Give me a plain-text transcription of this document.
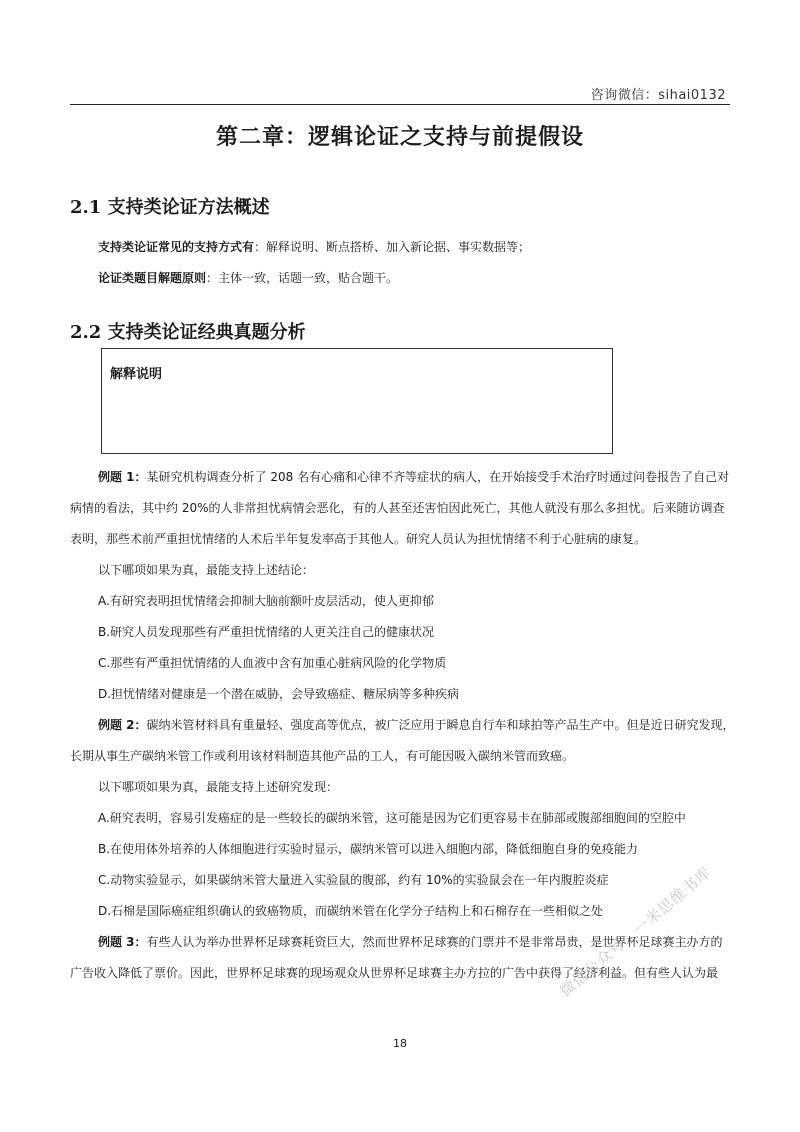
咨询微信：sihai0132
第二章：逻辑论证之支持与前提假设
2.1 支持类论证方法概述
支持类论证常见的支持方式有：解释说明、断点搭桥、加入新论据、事实数据等；
论证类题目解题原则：主体一致，话题一致，贴合题干。
2.2 支持类论证经典真题分析
解释说明
例题 1：某研究机构调查分析了 208 名有心痛和心律不齐等症状的病人，在开始接受手术治疗时通过问卷报告了自己对
病情的看法，其中约 20%的人非常担忧病情会恶化，有的人甚至还害怕因此死亡，其他人就没有那么多担忧。后来随访调查
表明，那些术前严重担忧情绪的人术后半年复发率高于其他人。研究人员认为担忧情绪不利于心脏病的康复。
以下哪项如果为真，最能支持上述结论：
A.有研究表明担忧情绪会抑制大脑前额叶皮层活动，使人更抑郁
B.研究人员发现那些有严重担忧情绪的人更关注自己的健康状况
C.那些有严重担忧情绪的人血液中含有加重心脏病风险的化学物质
D.担忧情绪对健康是一个潜在威胁，会导致癌症、糖尿病等多种疾病
例题 2：碳纳米管材料具有重量轻、强度高等优点，被广泛应用于瞬息自行车和球拍等产品生产中。但是近日研究发现，
长期从事生产碳纳米管工作或利用该材料制造其他产品的工人，有可能因吸入碳纳米管而致癌。
以下哪项如果为真，最能支持上述研究发现：
A.研究表明，容易引发癌症的是一些较长的碳纳米管，这可能是因为它们更容易卡在肺部或腹部细胞间的空腔中
B.在使用体外培养的人体细胞进行实验时显示，碳纳米管可以进入细胞内部，降低细胞自身的免疫能力
C.动物实验显示，如果碳纳米管大量进入实验鼠的腹部，约有 10%的实验鼠会在一年内腹腔炎症
D.石棉是国际癌症组织确认的致癌物质，而碳纳米管在化学分子结构上和石棉存在一些相似之处
例题 3：有些人认为举办世界杯足球赛耗资巨大，然而世界杯足球赛的门票并不是非常昂贵，是世界杯足球赛主办方的
广告收入降低了票价。因此，世界杯足球赛的现场观众从世界杯足球赛主办方拉的广告中获得了经济利益。但有些人认为最
18
微信公众号：一米思维书库
